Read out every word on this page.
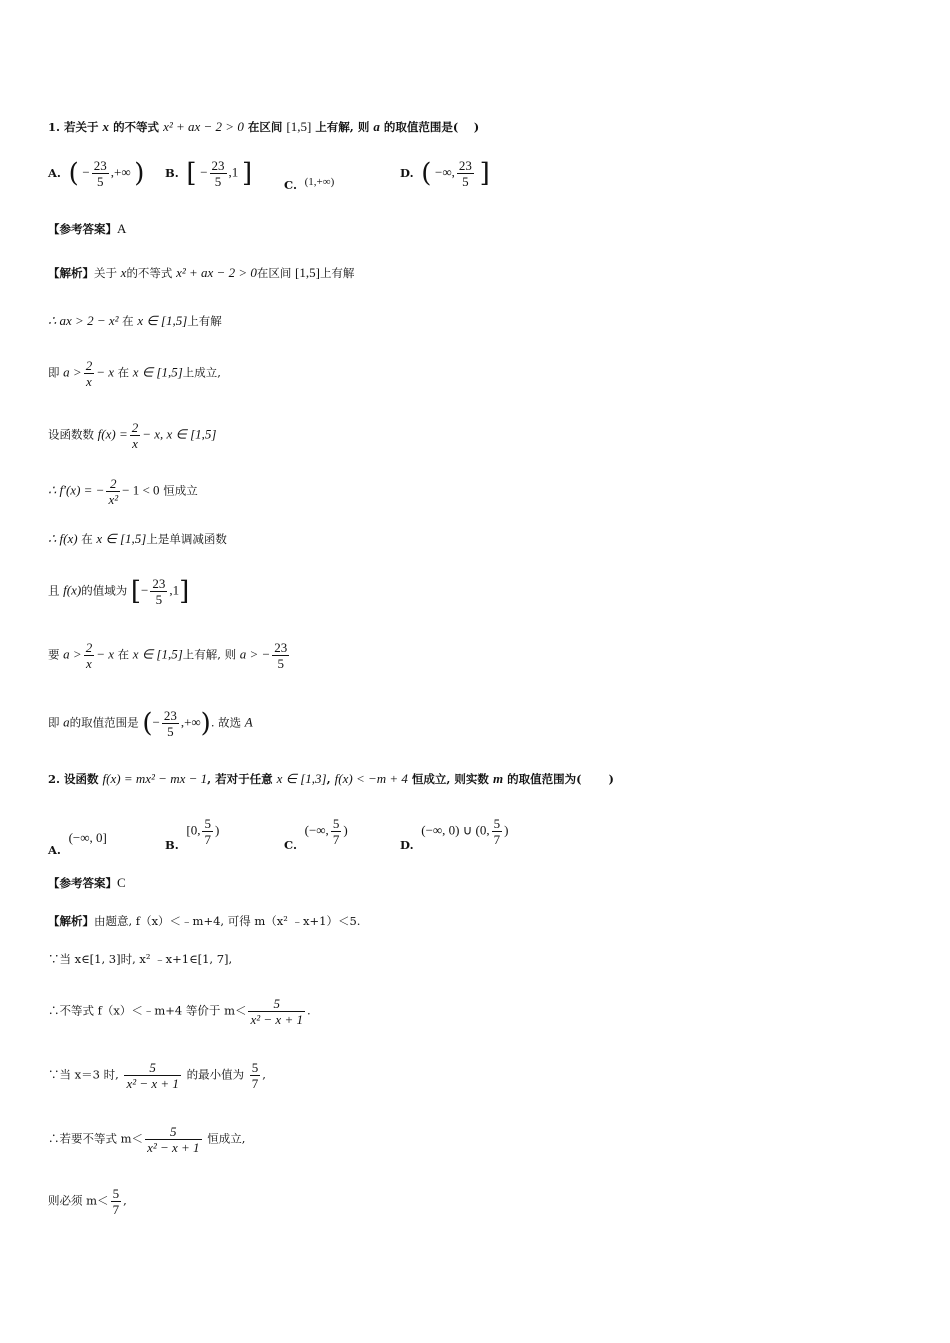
1. 若关于 x 的不等式 x² + ax − 2 > 0 在区间 [1,5] 上有解, 则 a 的取值范围是(　 )
A. ( − $\frac{23}{5}$ ,+∞ ) B. [ − $\frac{23}{5} ,1$ ]	C. (1,+∞)
D. ( −∞, $\frac{23}{5}$ ]
【参考答案】A
【解析】关于 x的不等式 x² + ax − 2 > 0在区间 [1,5]上有解
∴ ax > 2 − x² 在 x ∈ [1,5]上有解
即 $a > \frac{2}{x} - x$ 在 x ∈ [1,5]上成立,
设函数数 $f(x) = \frac{2}{x} - x$, x ∈ [1,5]
∴ f′(x) = − $\frac{2}{\text{x²}} - 1 < 0$ 恒成立
∴ f(x) 在 x ∈ [1,5]上是单调减函数
且 f(x)的值域为 [− $\frac{23}{5} ,1$]
要 $a > \frac{2}{x} - x$ 在 x ∈ [1,5]上有解, 则 a > − $\frac{23}{5}$
即 a的取值范围是 (− $\frac{23}{5}$ ,+∞). 故选 A
2. 设函数 f(x) = mx² − mx − 1, 若对于任意 x ∈ [1,3], f(x) < −m + 4 恒成立, 则实数 m 的取值范围为(　　 )
A. (−∞, 0]	B. [0, $\frac{5}{7}$ )
C. (−∞, $\frac{5}{7}$ )
D. (−∞, 0) ∪ (0, $\frac{5}{7}$ )
【参考答案】C
【解析】由题意, f（x）＜﹣m+4, 可得 m（x² ﹣x+1）＜5.
∵当 x∈[1, 3]时, x² ﹣x+1∈[1, 7],
∴不等式 f（x）＜﹣m+4 等价于 $m< \frac{5}{\text{x² − x + 1}}$ .
∵当 x＝3 时, $\frac{5}{\text{x² − x + 1}}$ 的最小值为 $\frac{5}{7}$ ,
∴若要不等式 $m< \frac{5}{\text{x² − x + 1}}$ 恒成立,
则必须 $m< \frac{5}{7}$ ,
